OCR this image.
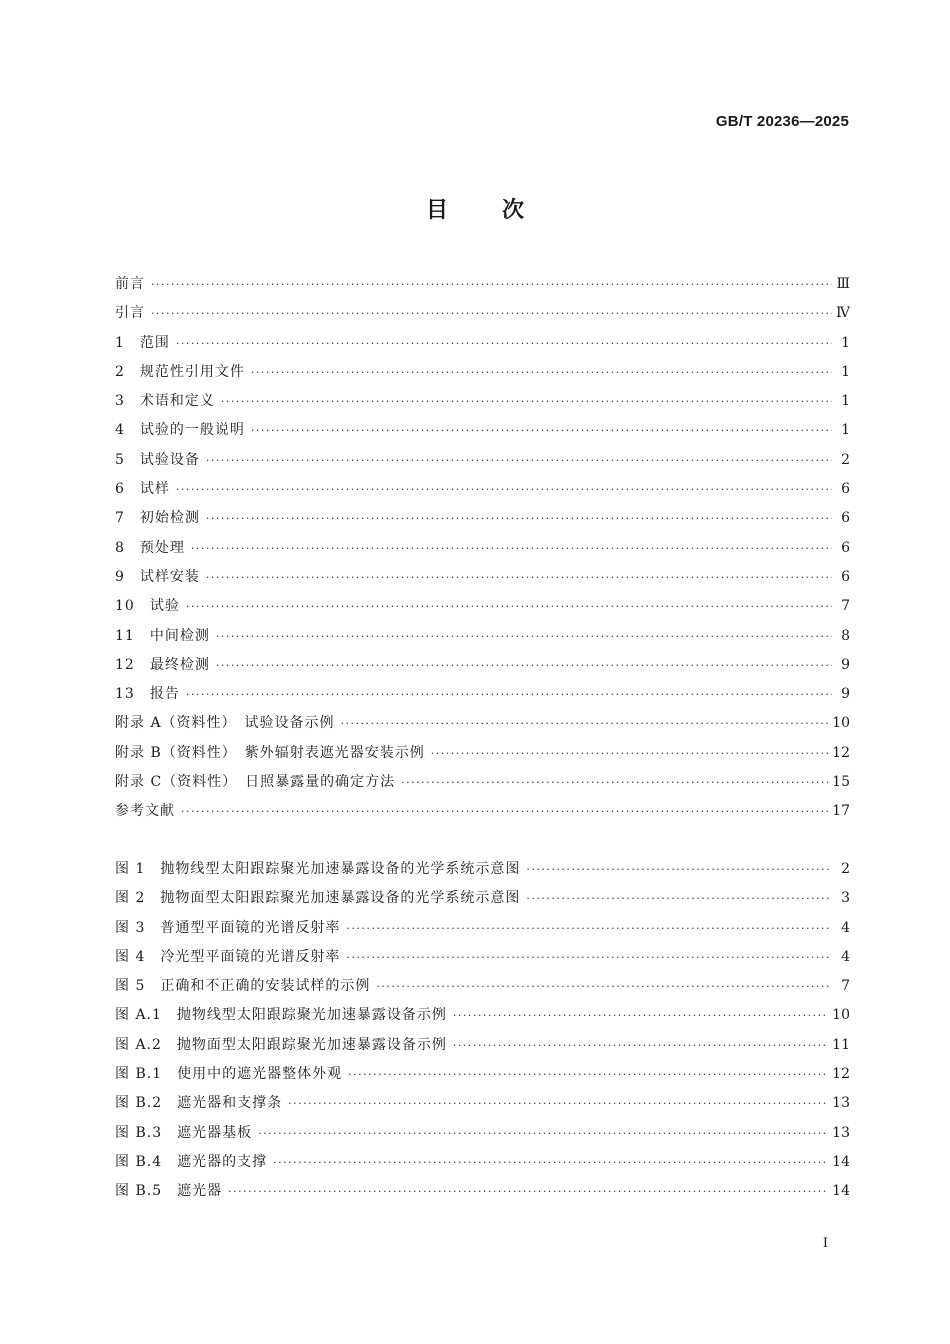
GB/T 20236—2025
目次
前言 ·····	Ⅲ
引言 ·····	Ⅳ
1　范围 ·····	1
2　规范性引用文件 ·····	1
3　术语和定义 ·····	1
4　试验的一般说明 ·····	1
5　试验设备 ·····	2
6　试样 ·····	6
7　初始检测 ·····	6
8　预处理 ·····	6
9　试样安装 ·····	6
10　试验 ·····	7
11　中间检测 ·····	8
12　最终检测 ·····	9
13　报告 ·····	9
附录 A（资料性）　试验设备示例 ·····	10
附录 B（资料性）　紫外辐射表遮光器安装示例 ·····	12
附录 C（资料性）　日照暴露量的确定方法 ·····	15
参考文献 ·····	17
图 1　抛物线型太阳跟踪聚光加速暴露设备的光学系统示意图 ·····	2
图 2　抛物面型太阳跟踪聚光加速暴露设备的光学系统示意图 ·····	3
图 3　普通型平面镜的光谱反射率 ·····	4
图 4　冷光型平面镜的光谱反射率 ·····	4
图 5　正确和不正确的安装试样的示例 ·····	7
图 A.1　抛物线型太阳跟踪聚光加速暴露设备示例 ·····	10
图 A.2　抛物面型太阳跟踪聚光加速暴露设备示例 ·····	11
图 B.1　使用中的遮光器整体外观 ·····	12
图 B.2　遮光器和支撑条 ·····	13
图 B.3　遮光器基板 ·····	13
图 B.4　遮光器的支撑 ·····	14
图 B.5　遮光器 ·····	14
I
